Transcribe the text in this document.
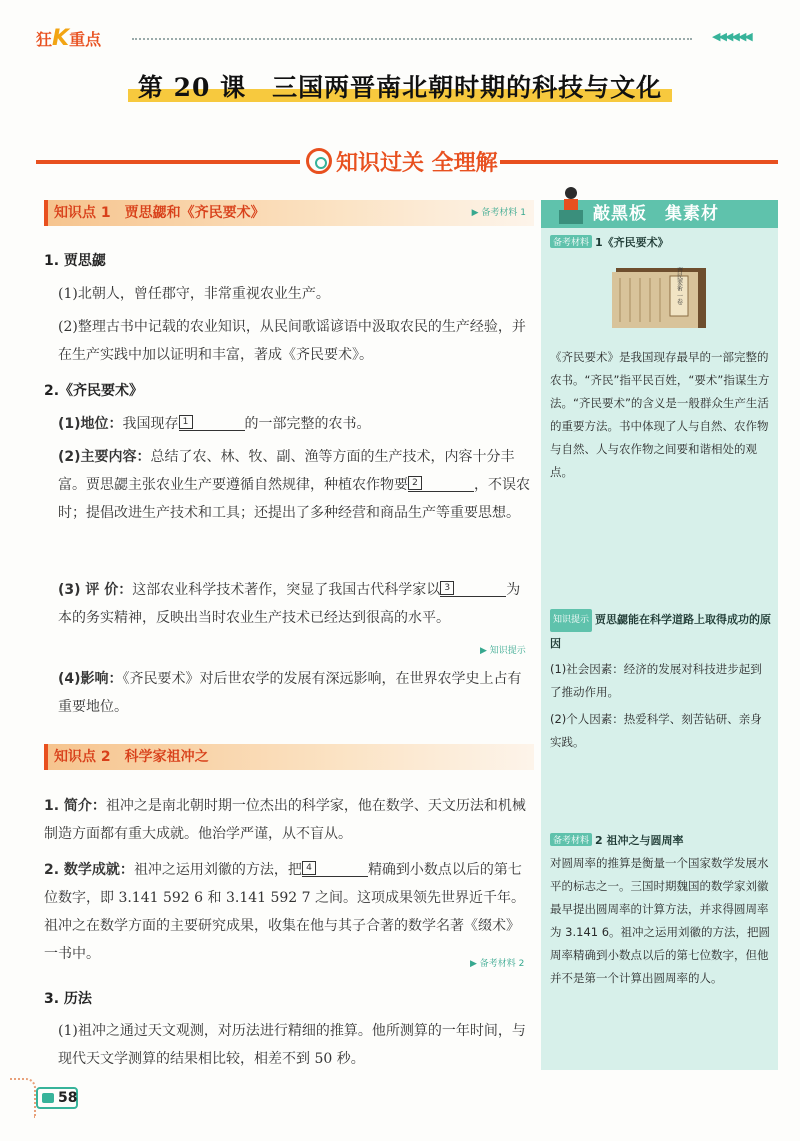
狂K重点	◀◀◀◀◀◀
第 20 课　三国两晋南北朝时期的科技与文化
知识过关 全理解
知识点 1 贾思勰和《齐民要术》	▶ 备考材料 1
1. 贾思勰
(1)北朝人，曾任郡守，非常重视农业生产。
(2)整理古书中记载的农业知识，从民间歌谣谚语中汲取农民的生产经验，并在生产实践中加以证明和丰富，著成《齐民要术》。
2.《齐民要术》
(1)地位：我国现存 1	的一部完整的农书。
(2)主要内容：总结了农、林、牧、副、渔等方面的生产技术，内容十分丰富。贾思勰主张农业生产要遵循自然规律，种植农作物要 2	，不误农时；提倡改进生产技术和工具；还提出了多种经营和商品生产等重要思想。
(3) 评 价：这部农业科学技术著作，突显了我国古代科学家以 3	为本的务实精神，反映出当时农业生产技术已经达到很高的水平。
▶ 知识提示
(4)影响：《齐民要术》对后世农学的发展有深远影响，在世界农学史上占有重要地位。
知识点 2 科学家祖冲之
1. 简介：祖冲之是南北朝时期一位杰出的科学家，他在数学、天文历法和机械制造方面都有重大成就。他治学严谨，从不盲从。
2. 数学成就：祖冲之运用刘徽的方法，把 4	精确到小数点以后的第七位数字，即 3.141 592 6 和 3.141 592 7 之间。这项成果领先世界近千年。祖冲之在数学方面的主要研究成果，收集在他与其子合著的数学名著《缀术》一书中。
▶ 备考材料 2
3. 历法
(1)祖冲之通过天文观测，对历法进行精细的推算。他所测算的一年时间，与现代天文学测算的结果相比较，相差不到 50 秒。
敲黑板　集素材
备考材料 1《齐民要术》
齊民要術 一卷
《齐民要术》是我国现存最早的一部完整的农书。“齐民”指平民百姓，“要术”指谋生方法。“齐民要术”的含义是一般群众生产生活的重要方法。书中体现了人与自然、农作物与自然、人与农作物之间要和谐相处的观点。
知识提示 贾思勰能在科学道路上取得成功的原因
(1)社会因素：经济的发展对科技进步起到了推动作用。
(2)个人因素：热爱科学、刻苦钻研、亲身实践。
备考材料 2 祖冲之与圆周率
对圆周率的推算是衡量一个国家数学发展水平的标志之一。三国时期魏国的数学家刘徽最早提出圆周率的计算方法，并求得圆周率为 3.141 6。祖冲之运用刘徽的方法，把圆周率精确到小数点以后的第七位数字，但他并不是第一个计算出圆周率的人。
58
